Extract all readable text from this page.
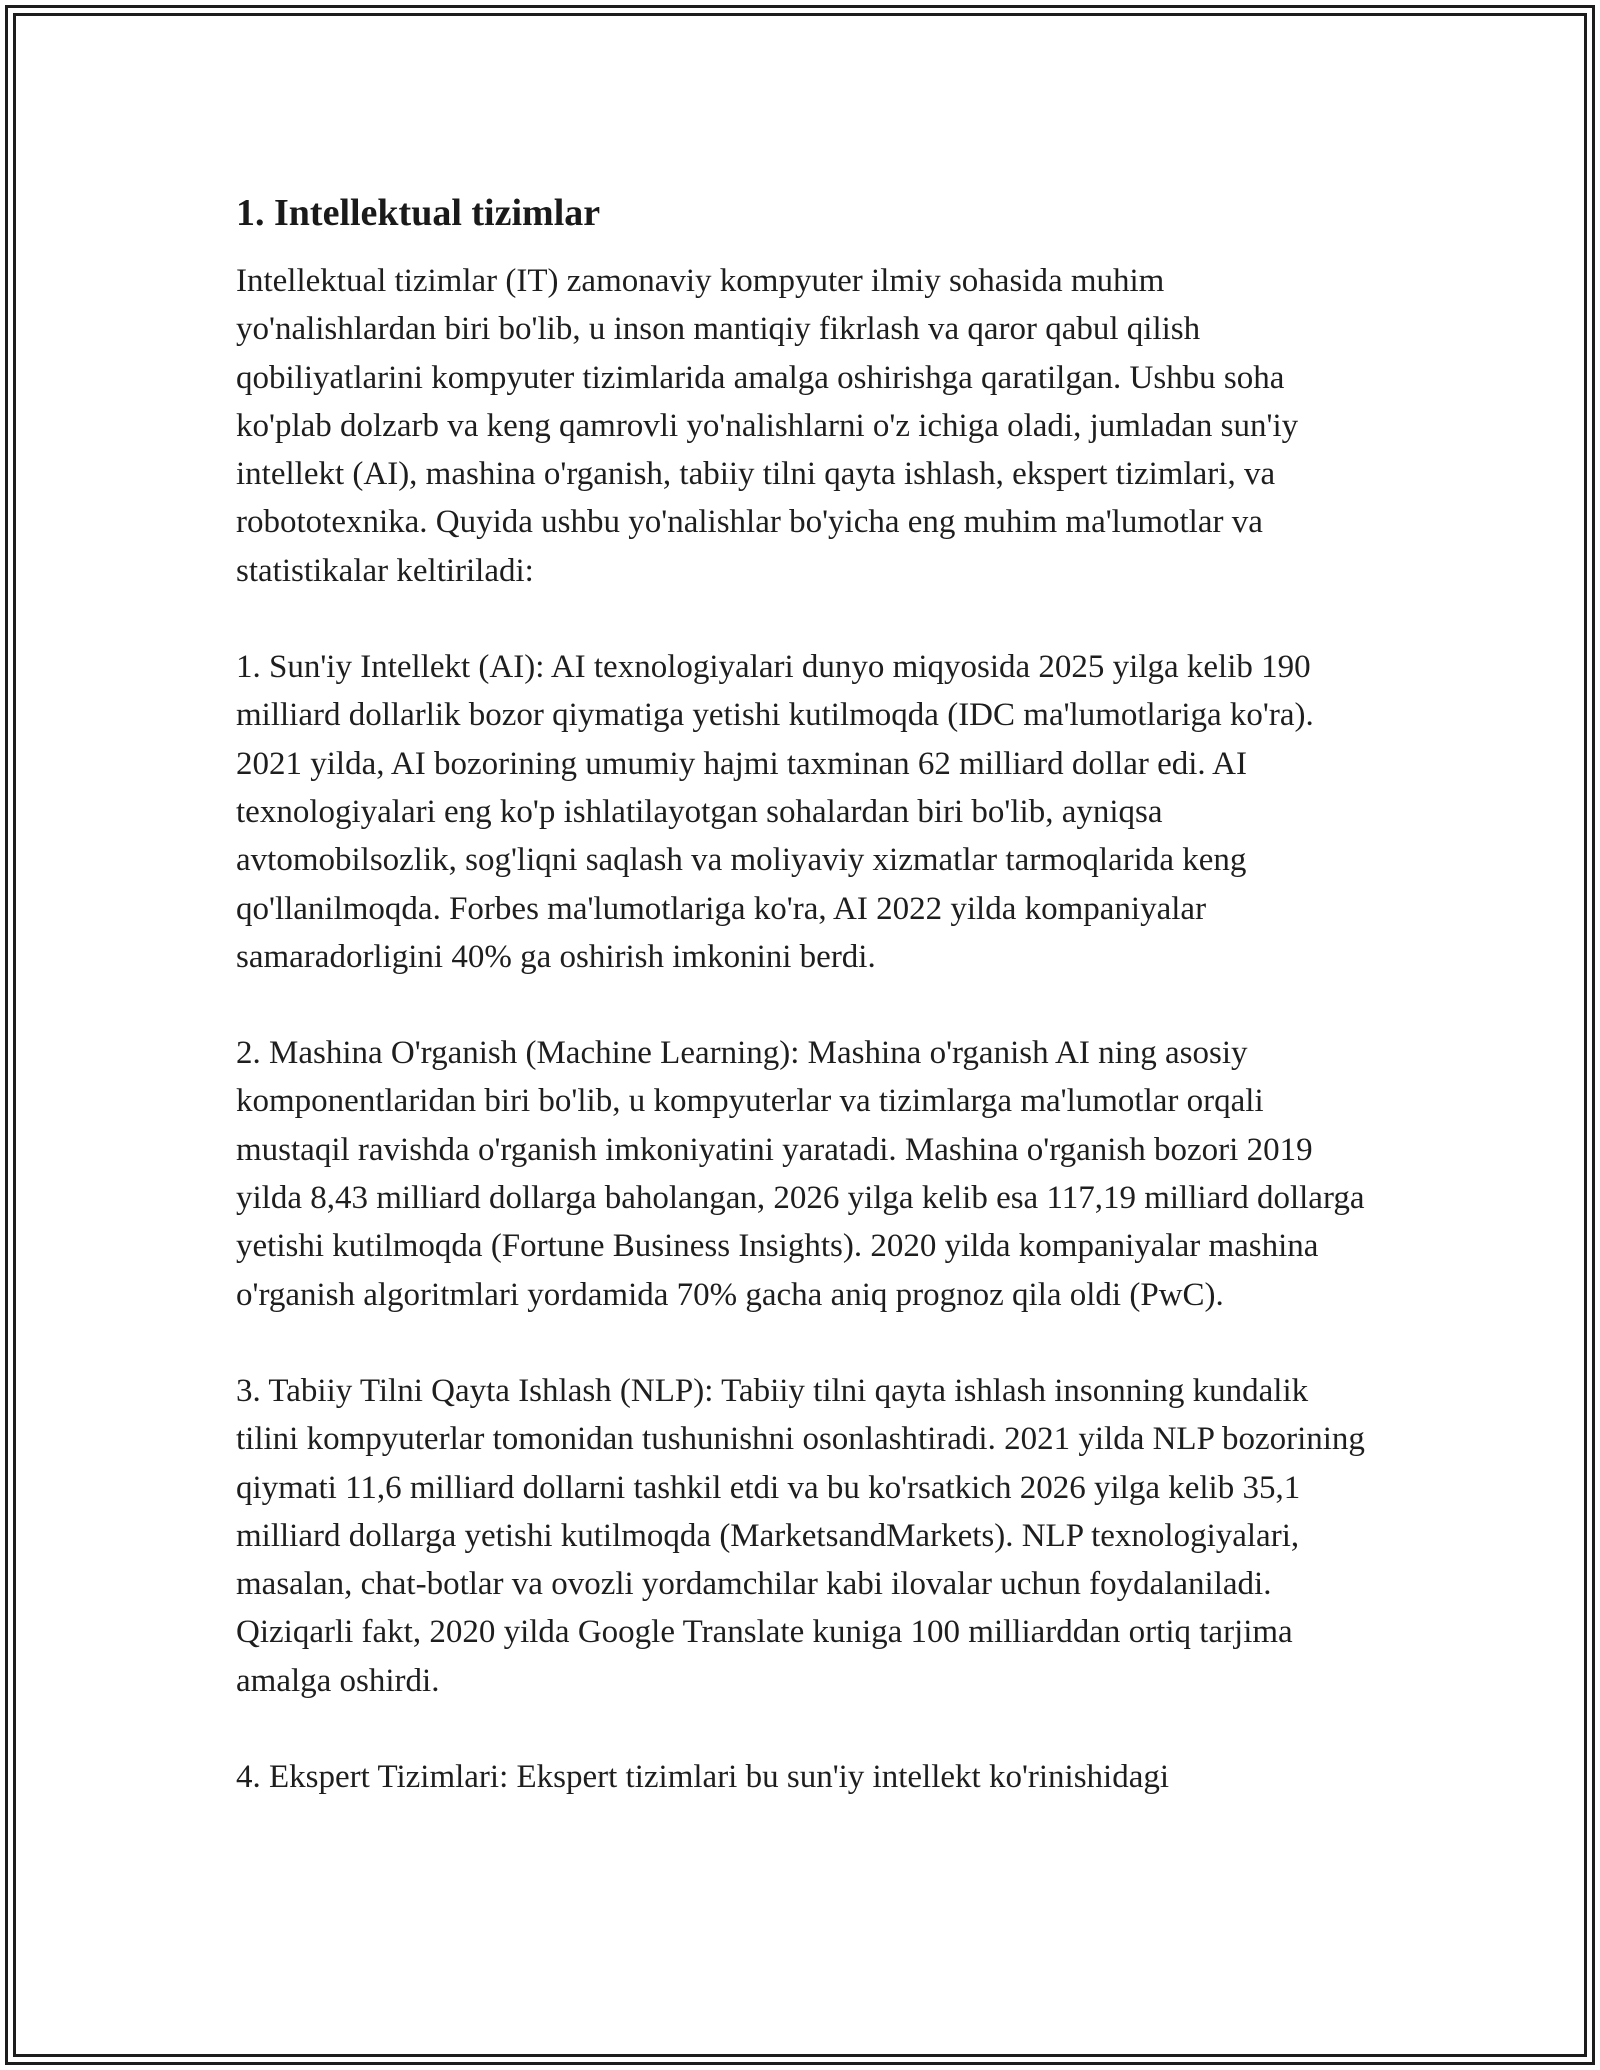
1. Intellektual tizimlar

Intellektual tizimlar (IT) zamonaviy kompyuter ilmiy sohasida muhim yo'nalishlardan biri bo'lib, u inson mantiqiy fikrlash va qaror qabul qilish qobiliyatlarini kompyuter tizimlarida amalga oshirishga qaratilgan. Ushbu soha ko'plab dolzarb va keng qamrovli yo'nalishlarni o'z ichiga oladi, jumladan sun'iy intellekt (AI), mashina o'rganish, tabiiy tilni qayta ishlash, ekspert tizimlari, va robototexnika. Quyida ushbu yo'nalishlar bo'yicha eng muhim ma'lumotlar va statistikalar keltiriladi:

1. Sun'iy Intellekt (AI): AI texnologiyalari dunyo miqyosida 2025 yilga kelib 190 milliard dollarlik bozor qiymatiga yetishi kutilmoqda (IDC ma'lumotlariga ko'ra). 2021 yilda, AI bozorining umumiy hajmi taxminan 62 milliard dollar edi. AI texnologiyalari eng ko'p ishlatilayotgan sohalardan biri bo'lib, ayniqsa avtomobilsozlik, sog'liqni saqlash va moliyaviy xizmatlar tarmoqlarida keng qo'llanilmoqda. Forbes ma'lumotlariga ko'ra, AI 2022 yilda kompaniyalar samaradorligini 40% ga oshirish imkonini berdi.

2. Mashina O'rganish (Machine Learning): Mashina o'rganish AI ning asosiy komponentlaridan biri bo'lib, u kompyuterlar va tizimlarga ma'lumotlar orqali mustaqil ravishda o'rganish imkoniyatini yaratadi. Mashina o'rganish bozori 2019 yilda 8,43 milliard dollarga baholangan, 2026 yilga kelib esa 117,19 milliard dollarga yetishi kutilmoqda (Fortune Business Insights). 2020 yilda kompaniyalar mashina o'rganish algoritmlari yordamida 70% gacha aniq prognoz qila oldi (PwC).

3. Tabiiy Tilni Qayta Ishlash (NLP): Tabiiy tilni qayta ishlash insonning kundalik tilini kompyuterlar tomonidan tushunishni osonlashtiradi. 2021 yilda NLP bozorining qiymati 11,6 milliard dollarni tashkil etdi va bu ko'rsatkich 2026 yilga kelib 35,1 milliard dollarga yetishi kutilmoqda (MarketsandMarkets). NLP texnologiyalari, masalan, chat-botlar va ovozli yordamchilar kabi ilovalar uchun foydalaniladi. Qiziqarli fakt, 2020 yilda Google Translate kuniga 100 milliarddan ortiq tarjima amalga oshirdi.

4. Ekspert Tizimlari: Ekspert tizimlari bu sun'iy intellekt ko'rinishidagi
